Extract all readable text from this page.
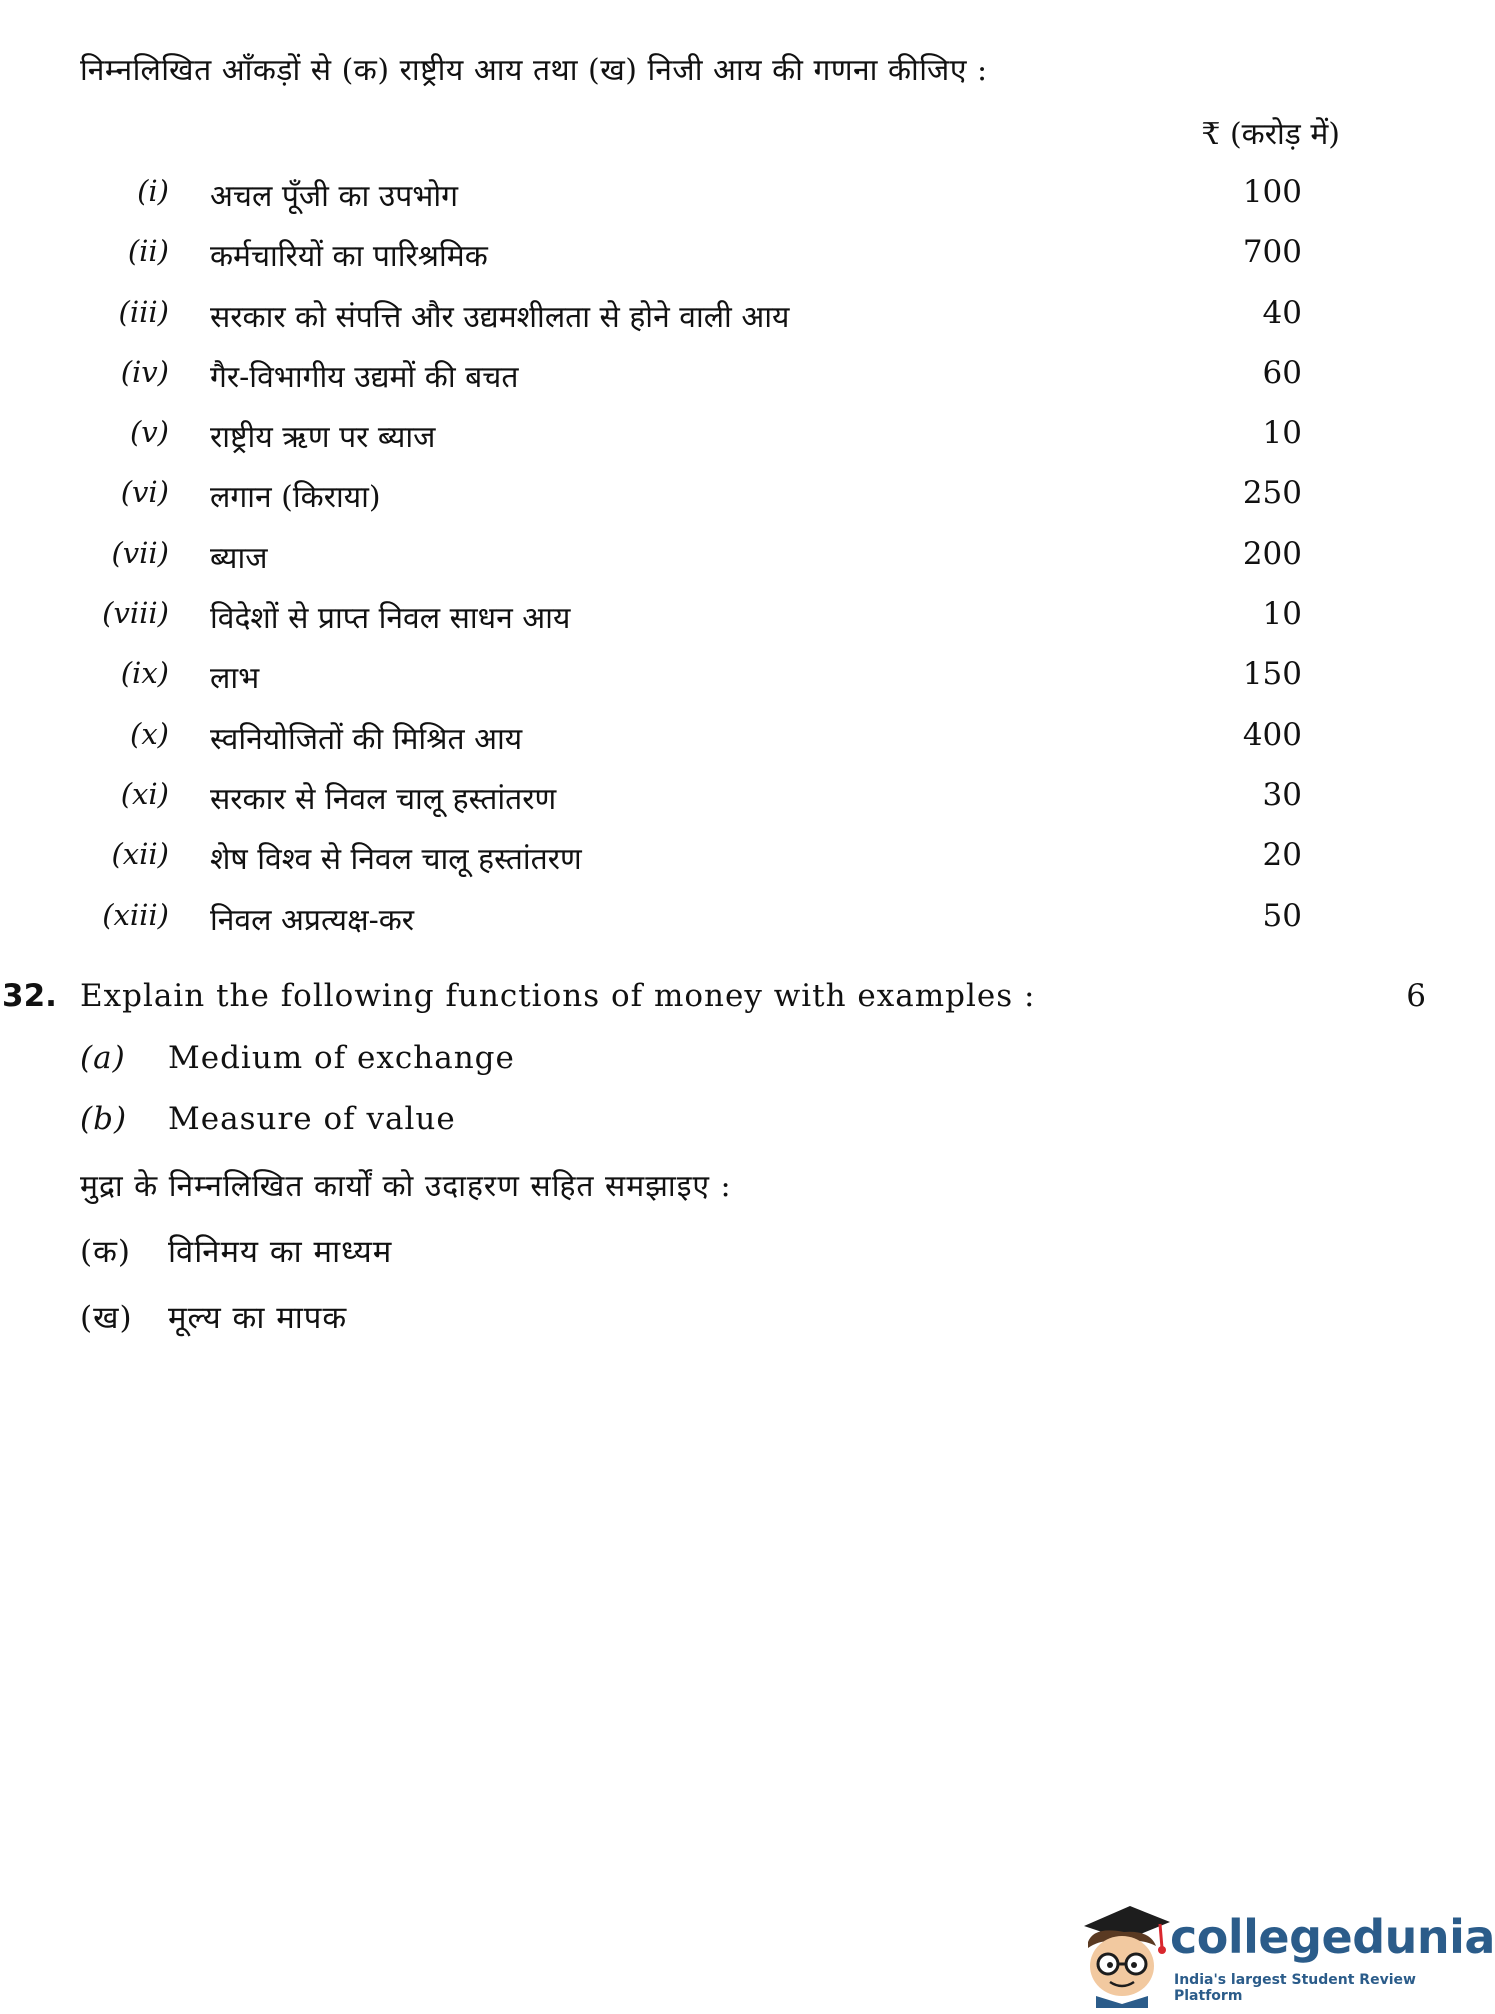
निम्नलिखित आँकड़ों से (क) राष्ट्रीय आय तथा (ख) निजी आय की गणना कीजिए :
₹ (करोड़ में)
(i) अचल पूँजी का उपभोग	100
(ii) कर्मचारियों का पारिश्रमिक	700
(iii) सरकार को संपत्ति और उद्यमशीलता से होने वाली आय	40
(iv) गैर-विभागीय उद्यमों की बचत	60
(v) राष्ट्रीय ऋण पर ब्याज	10
(vi) लगान (किराया)	250
(vii) ब्याज	200
(viii) विदेशों से प्राप्त निवल साधन आय	10
(ix) लाभ	150
(x) स्वनियोजितों की मिश्रित आय	400
(xi) सरकार से निवल चालू हस्तांतरण	30
(xii) शेष विश्व से निवल चालू हस्तांतरण	20
(xiii) निवल अप्रत्यक्ष-कर	50
32. Explain the following functions of money with examples :	6
(a) Medium of exchange
(b) Measure of value
मुद्रा के निम्नलिखित कार्यों को उदाहरण सहित समझाइए :
(क) विनिमय का माध्यम
(ख) मूल्य का मापक
collegedunia
India's largest Student Review Platform
